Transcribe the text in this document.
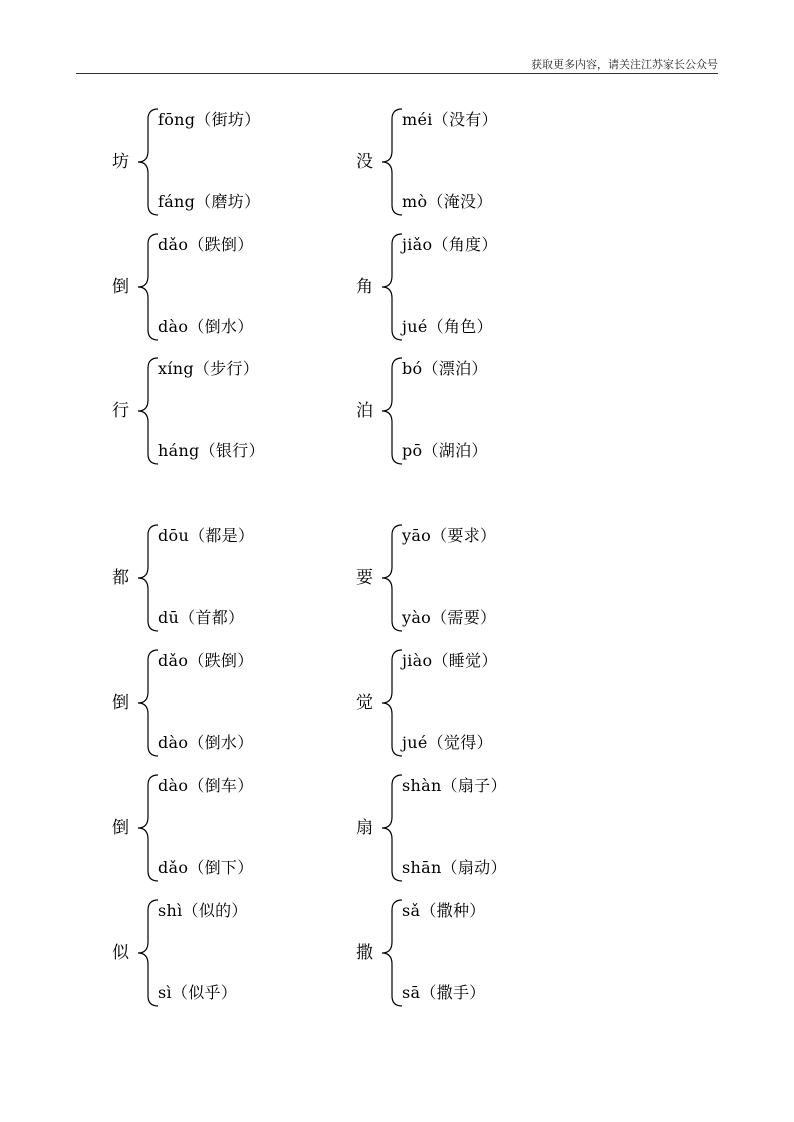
获取更多内容，请关注江苏家长公众号
坊
fōng（街坊）
fáng（磨坊）
没
méi（没有）
mò（淹没）
倒
dǎo（跌倒）
dào（倒水）
角
jiǎo（角度）
jué（角色）
行
xíng（步行）
háng（银行）
泊
bó（漂泊）
pō（湖泊）
都
dōu（都是）
dū（首都）
要
yāo（要求）
yào（需要）
倒
dǎo（跌倒）
dào（倒水）
觉
jiào（睡觉）
jué（觉得）
倒
dào（倒车）
dǎo（倒下）
扇
shàn（扇子）
shān（扇动）
似
shì（似的）
sì（似乎）
撒
sǎ（撒种）
sā（撒手）
